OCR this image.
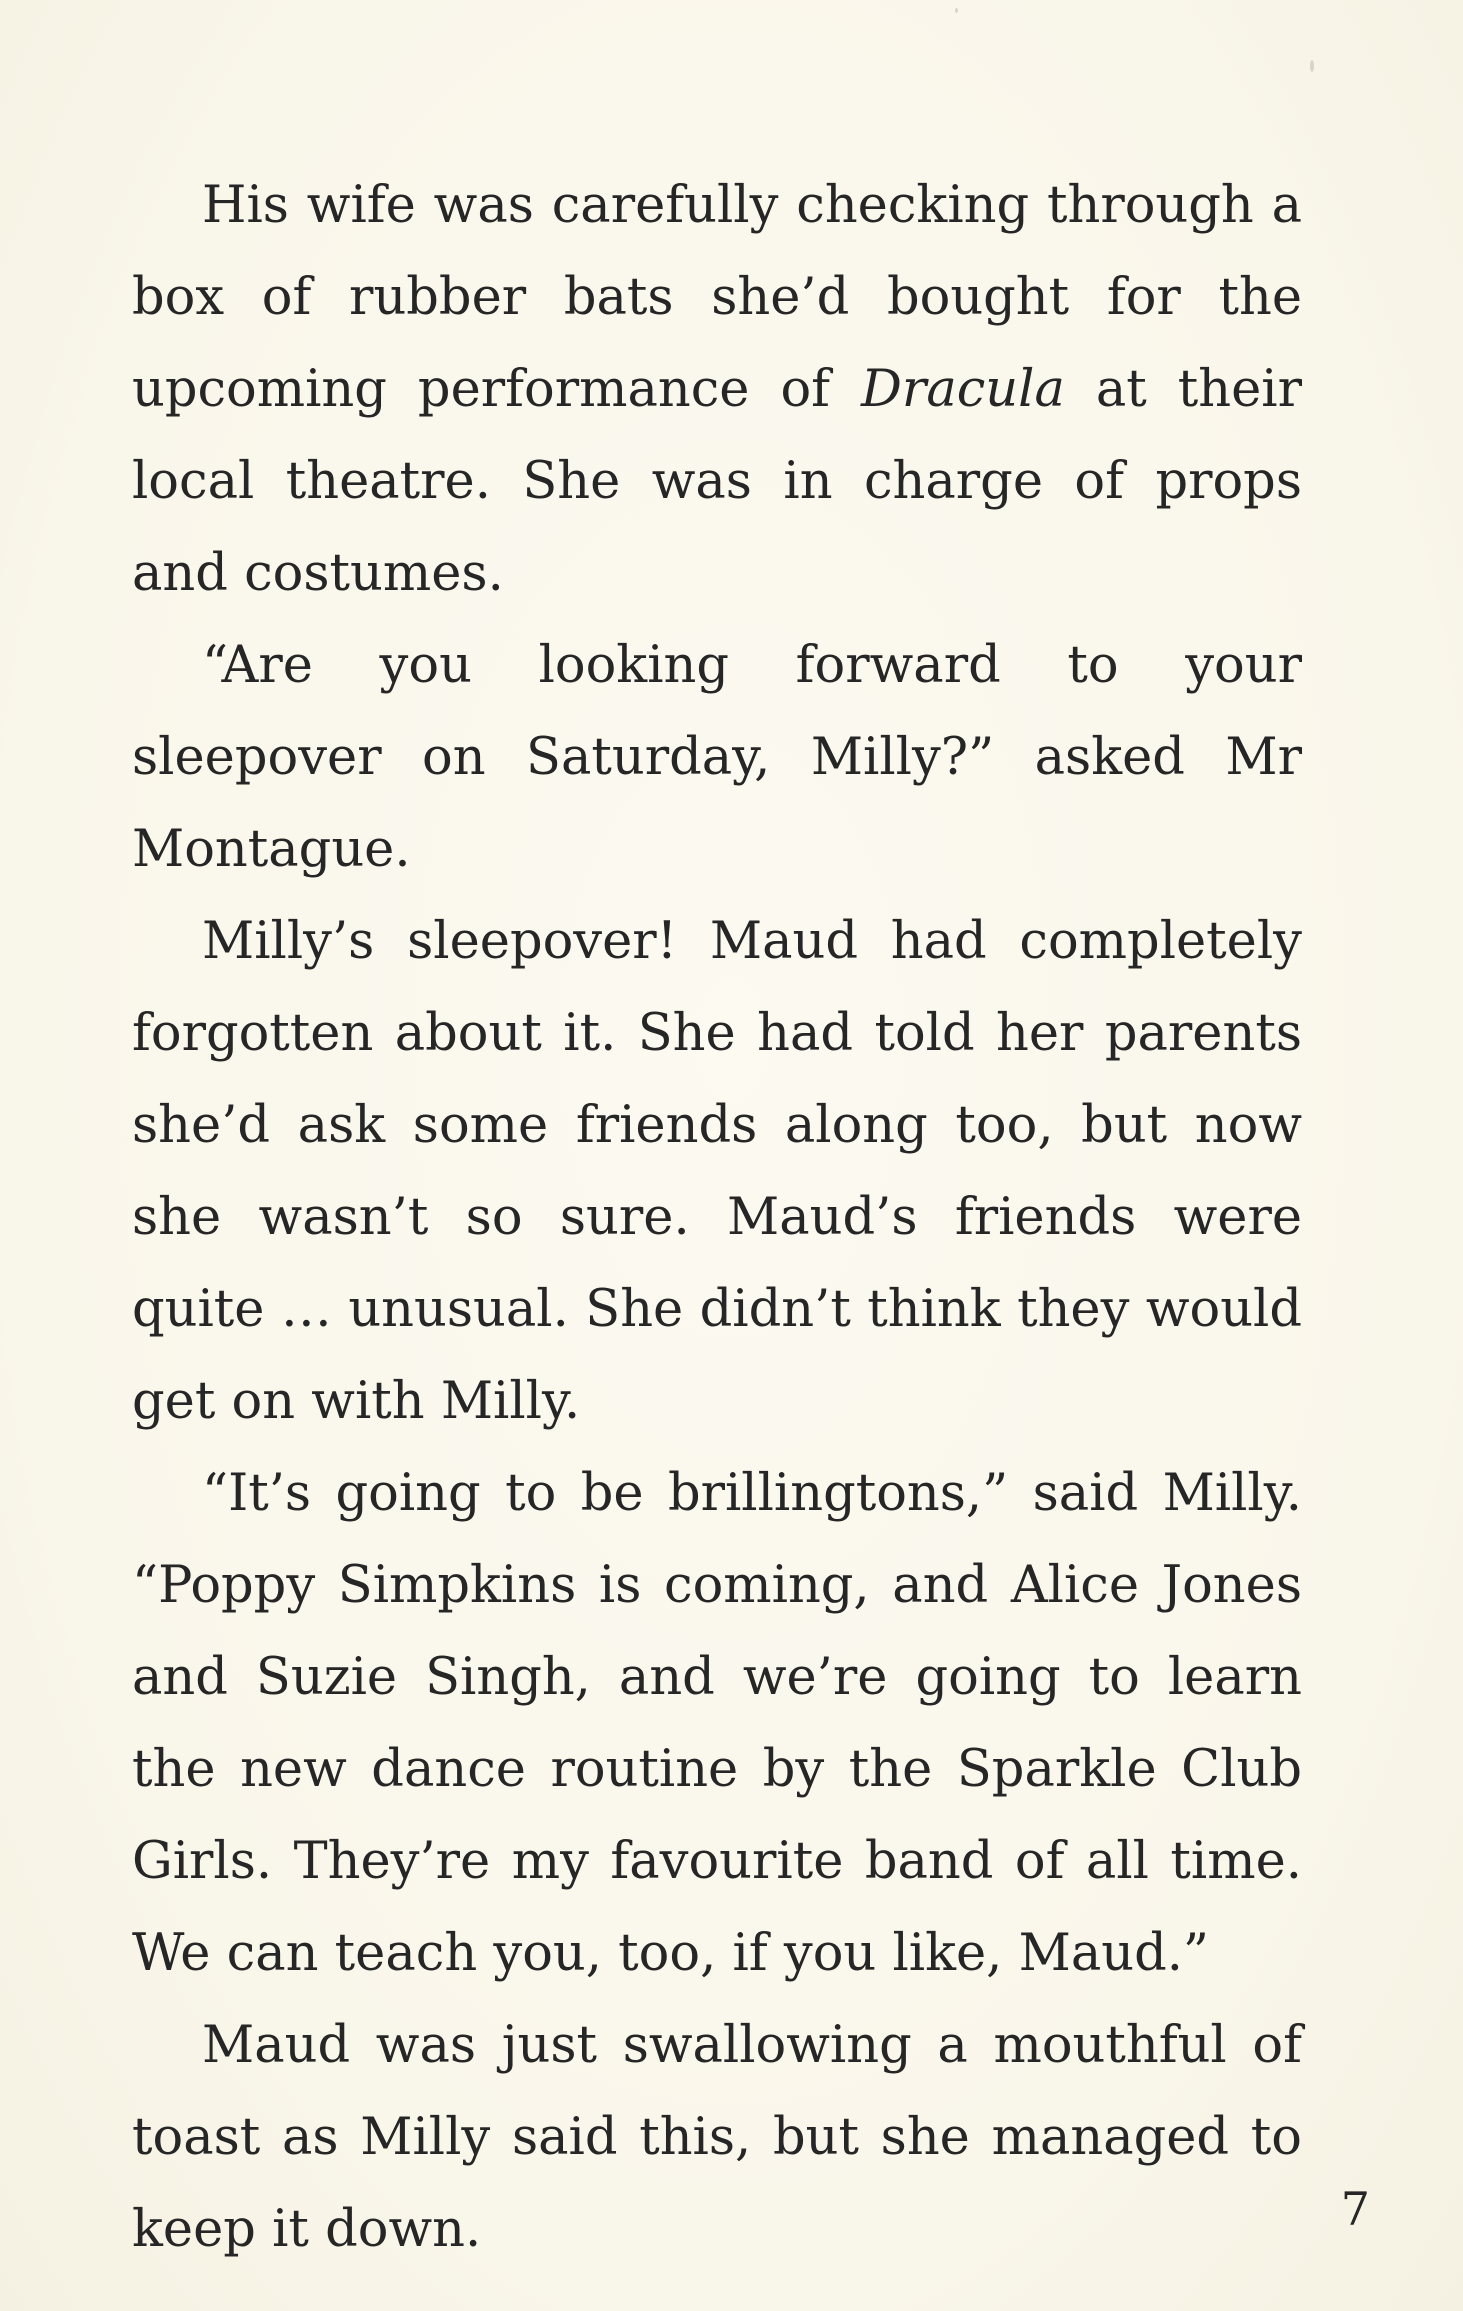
His wife was carefully checking through a box of rubber bats she’d bought for the upcoming performance of Dracula at their local theatre. She was in charge of props and costumes.

“Are you looking forward to your sleepover on Saturday, Milly?” asked Mr Montague.

Milly’s sleepover! Maud had completely forgotten about it. She had told her parents she’d ask some friends along too, but now she wasn’t so sure. Maud’s friends were quite … unusual. She didn’t think they would get on with Milly.

“It’s going to be brillingtons,” said Milly. “Poppy Simpkins is coming, and Alice Jones and Suzie Singh, and we’re going to learn the new dance routine by the Sparkle Club Girls. They’re my favourite band of all time. We can teach you, too, if you like, Maud.”

Maud was just swallowing a mouthful of toast as Milly said this, but she managed to keep it down.	7
